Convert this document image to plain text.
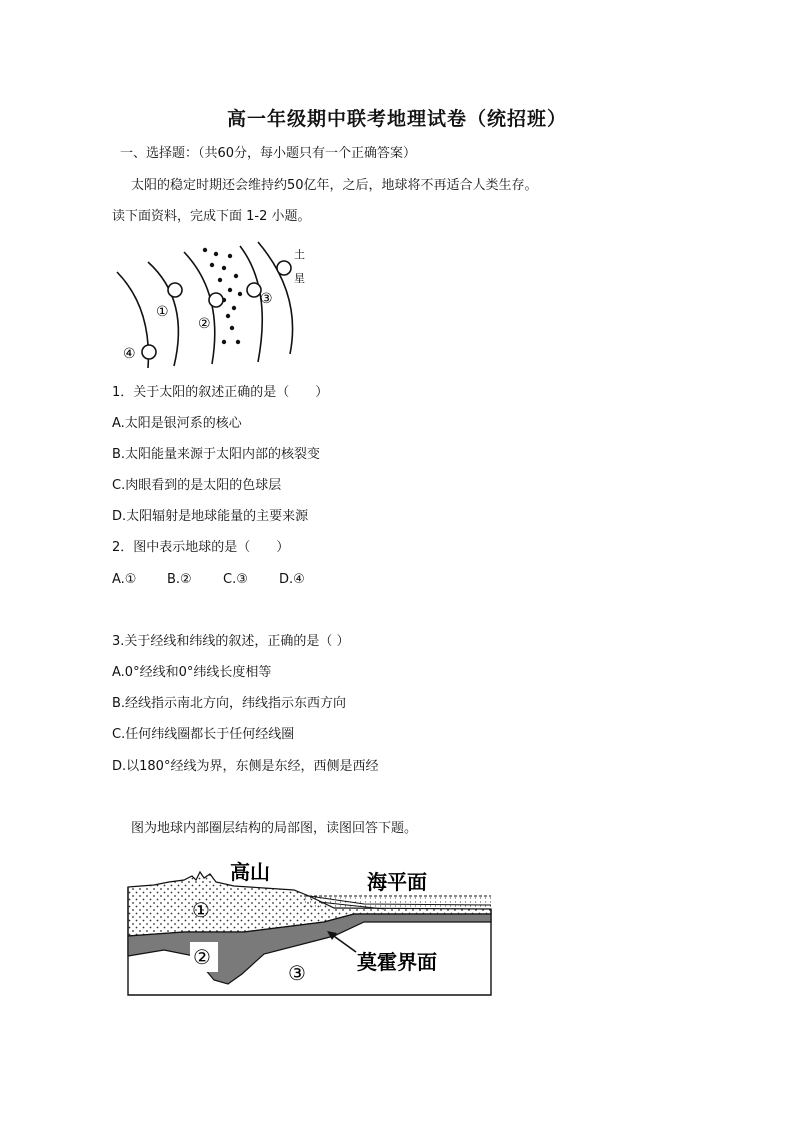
高一年级期中联考地理试卷（统招班）
一、选择题：（共60分，每小题只有一个正确答案）
太阳的稳定时期还会维持约50亿年，之后，地球将不再适合人类生存。
读下面资料，完成下面 1-2 小题。
土
星
①
②
③
④
1．关于太阳的叙述正确的是（　　）
A.太阳是银河系的核心
B.太阳能量来源于太阳内部的核裂变
C.肉眼看到的是太阳的色球层
D.太阳辐射是地球能量的主要来源
2．图中表示地球的是（　　）
A.① B.② C.③ D.④
3.关于经线和纬线的叙述，正确的是（ ）
A.0°经线和0°纬线长度相等
B.经线指示南北方向，纬线指示东西方向
C.任何纬线圈都长于任何经线圈
D.以180°经线为界，东侧是东经，西侧是西经
图为地球内部圈层结构的局部图，读图回答下题。
①
②
③
高山	海平面
莫霍界面
